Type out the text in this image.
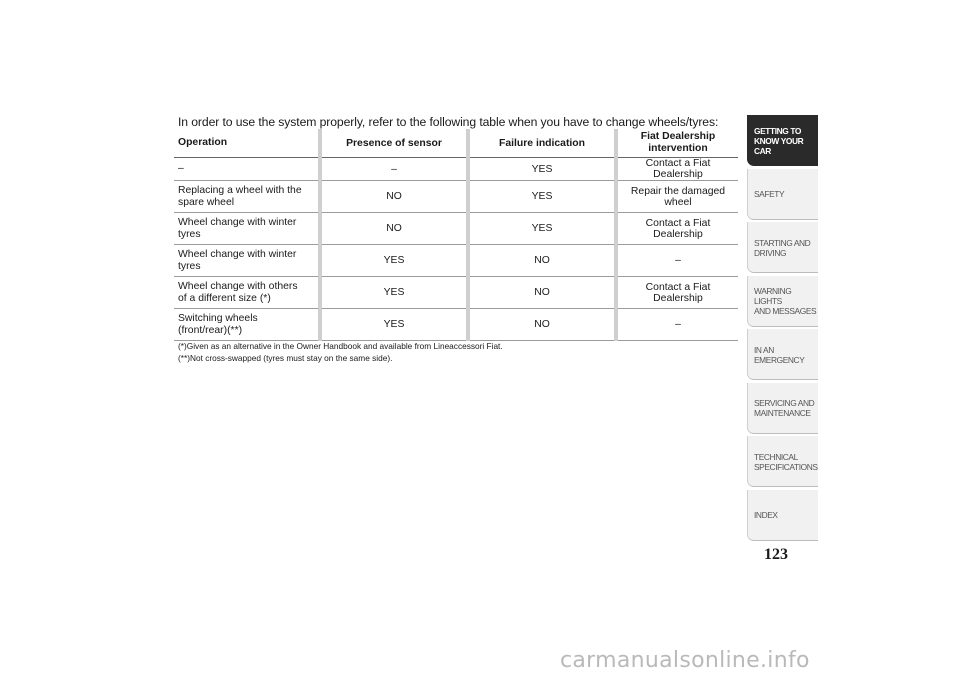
In order to use the system properly, refer to the following table when you have to change wheels/tyres:
Operation	Presence of sensor	Failure indication	Fiat Dealership
intervention
–	–	YES	Contact a Fiat Dealership
Replacing a wheel with the
spare wheel	NO	YES	Repair the damaged wheel
Wheel change with winter
tyres	NO	YES	Contact a Fiat Dealership
Wheel change with winter
tyres	YES	NO	–
Wheel change with others
of a different size (*)	YES	NO	Contact a Fiat Dealership
Switching wheels
(front/rear)(**)	YES	NO	–
(*)Given as an alternative in the Owner Handbook and available from Lineaccessori Fiat.
(**)Not cross-swapped (tyres must stay on the same side).
GETTING TO
KNOW YOUR CAR
SAFETY
STARTING AND
DRIVING
WARNING LIGHTS
AND MESSAGES
IN AN EMERGENCY
SERVICING AND
MAINTENANCE
TECHNICAL
SPECIFICATIONS
INDEX
123
carmanualsonline.info
